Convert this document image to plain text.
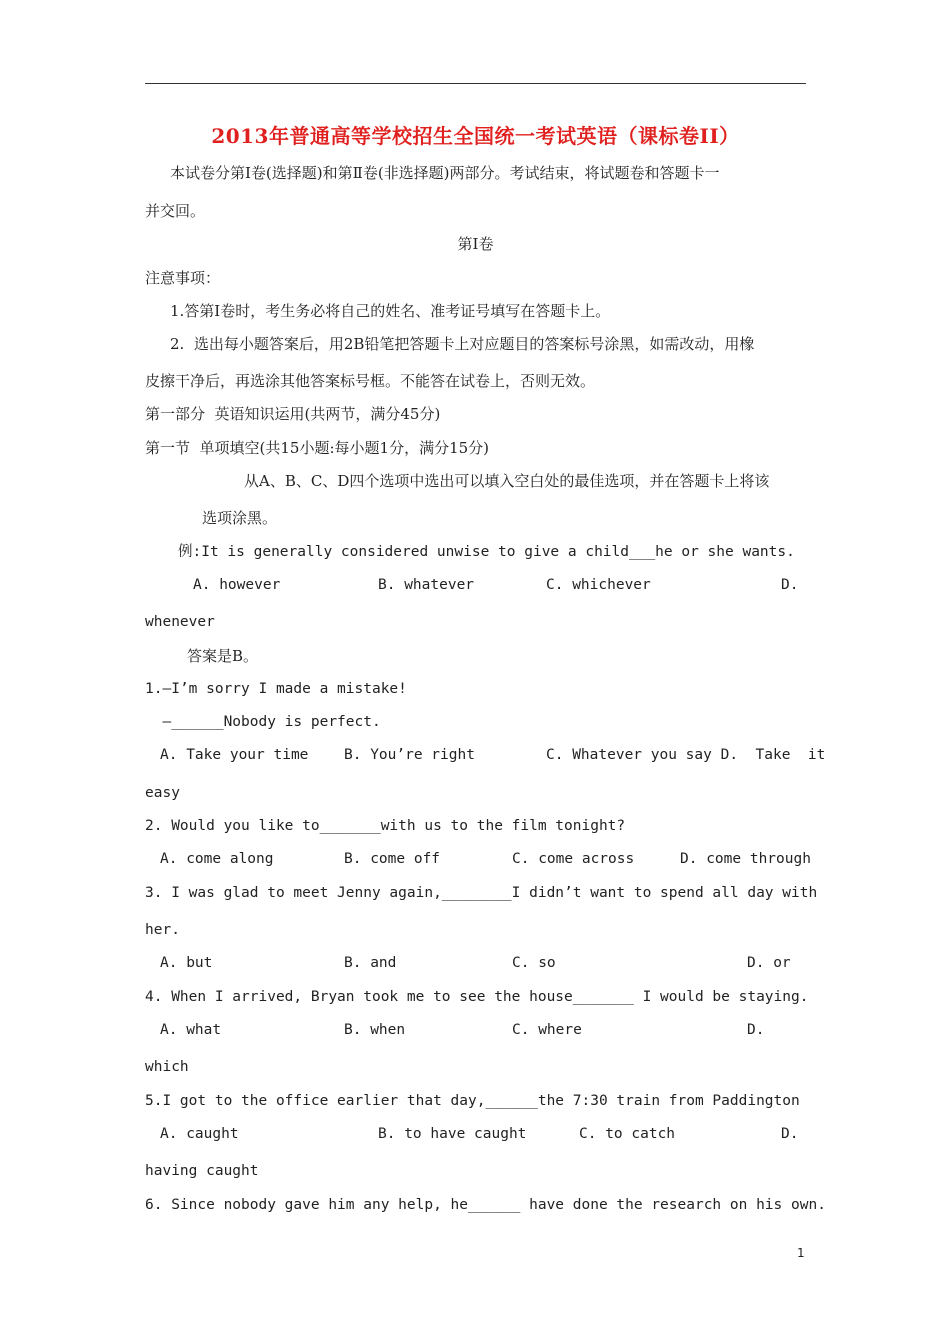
2013年普通高等学校招生全国统一考试英语（课标卷II）
本试卷分第Ⅰ卷(选择题)和第Ⅱ卷(非选择题)两部分。考试结束，将试题卷和答题卡一
并交回。
第Ⅰ卷
注意事项：
1.答第Ⅰ卷时，考生务必将自己的姓名、准考证号填写在答题卡上。
2.  选出每小题答案后，用2B铅笔把答题卡上对应题目的答案标号涂黑，如需改动，用橡
皮擦干净后，再选涂其他答案标号框。不能答在试卷上，否则无效。
第一部分  英语知识运用(共两节，满分45分)
第一节  单项填空(共15小题:每小题1分，满分15分)
从A、B、C、D四个选项中选出可以填入空白处的最佳选项，并在答题卡上将该
选项涂黑。
例:It is generally considered unwise to give a child___he or she wants.
A. however	B. whatever	C. whichever	D.
whenever
答案是B。
1.—I’m sorry I made a mistake!
—______Nobody is perfect.
A. Take your time B. You’re right	C. Whatever you say D.  Take  it
easy
2. Would you like to_______with us to the film tonight?
A. come along	B. come off	C. come across	D. come through
3. I was glad to meet Jenny again,________I didn’t want to spend all day with
her.
A. but	B. and	C. so	D. or
4. When I arrived, Bryan took me to see the house_______ I would be staying.
A. what	B. when	C. where	D.
which
5.I got to the office earlier that day,______the 7:30 train from Paddington
A. caught	B. to have caught	C. to catch	D.
having caught
6. Since nobody gave him any help, he______ have done the research on his own.
1
